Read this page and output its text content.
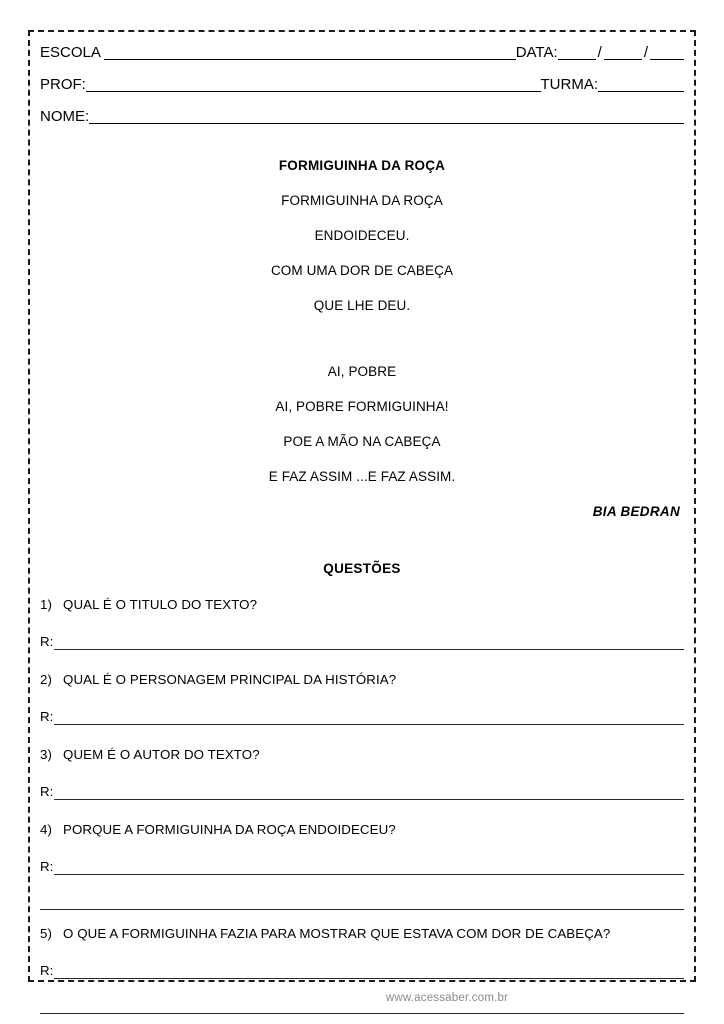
ESCOLA	DATA:	/	/
PROF:	TURMA:
NOME:
FORMIGUINHA DA ROÇA
FORMIGUINHA DA ROÇA
ENDOIDECEU.
COM UMA DOR DE CABEÇA
QUE LHE DEU.
AI, POBRE
AI, POBRE FORMIGUINHA!
POE A MÃO NA CABEÇA
E FAZ ASSIM ...E FAZ ASSIM.
BIA BEDRAN
QUESTÕES
1) QUAL É O TITULO DO TEXTO?
R:
2) QUAL É O PERSONAGEM PRINCIPAL DA HISTÓRIA?
R:
3) QUEM É O AUTOR DO TEXTO?
R:
4) PORQUE A FORMIGUINHA DA ROÇA ENDOIDECEU?
R:
5) O QUE A FORMIGUINHA FAZIA PARA MOSTRAR QUE ESTAVA COM DOR DE CABEÇA?
R:
www.acessaber.com.br
